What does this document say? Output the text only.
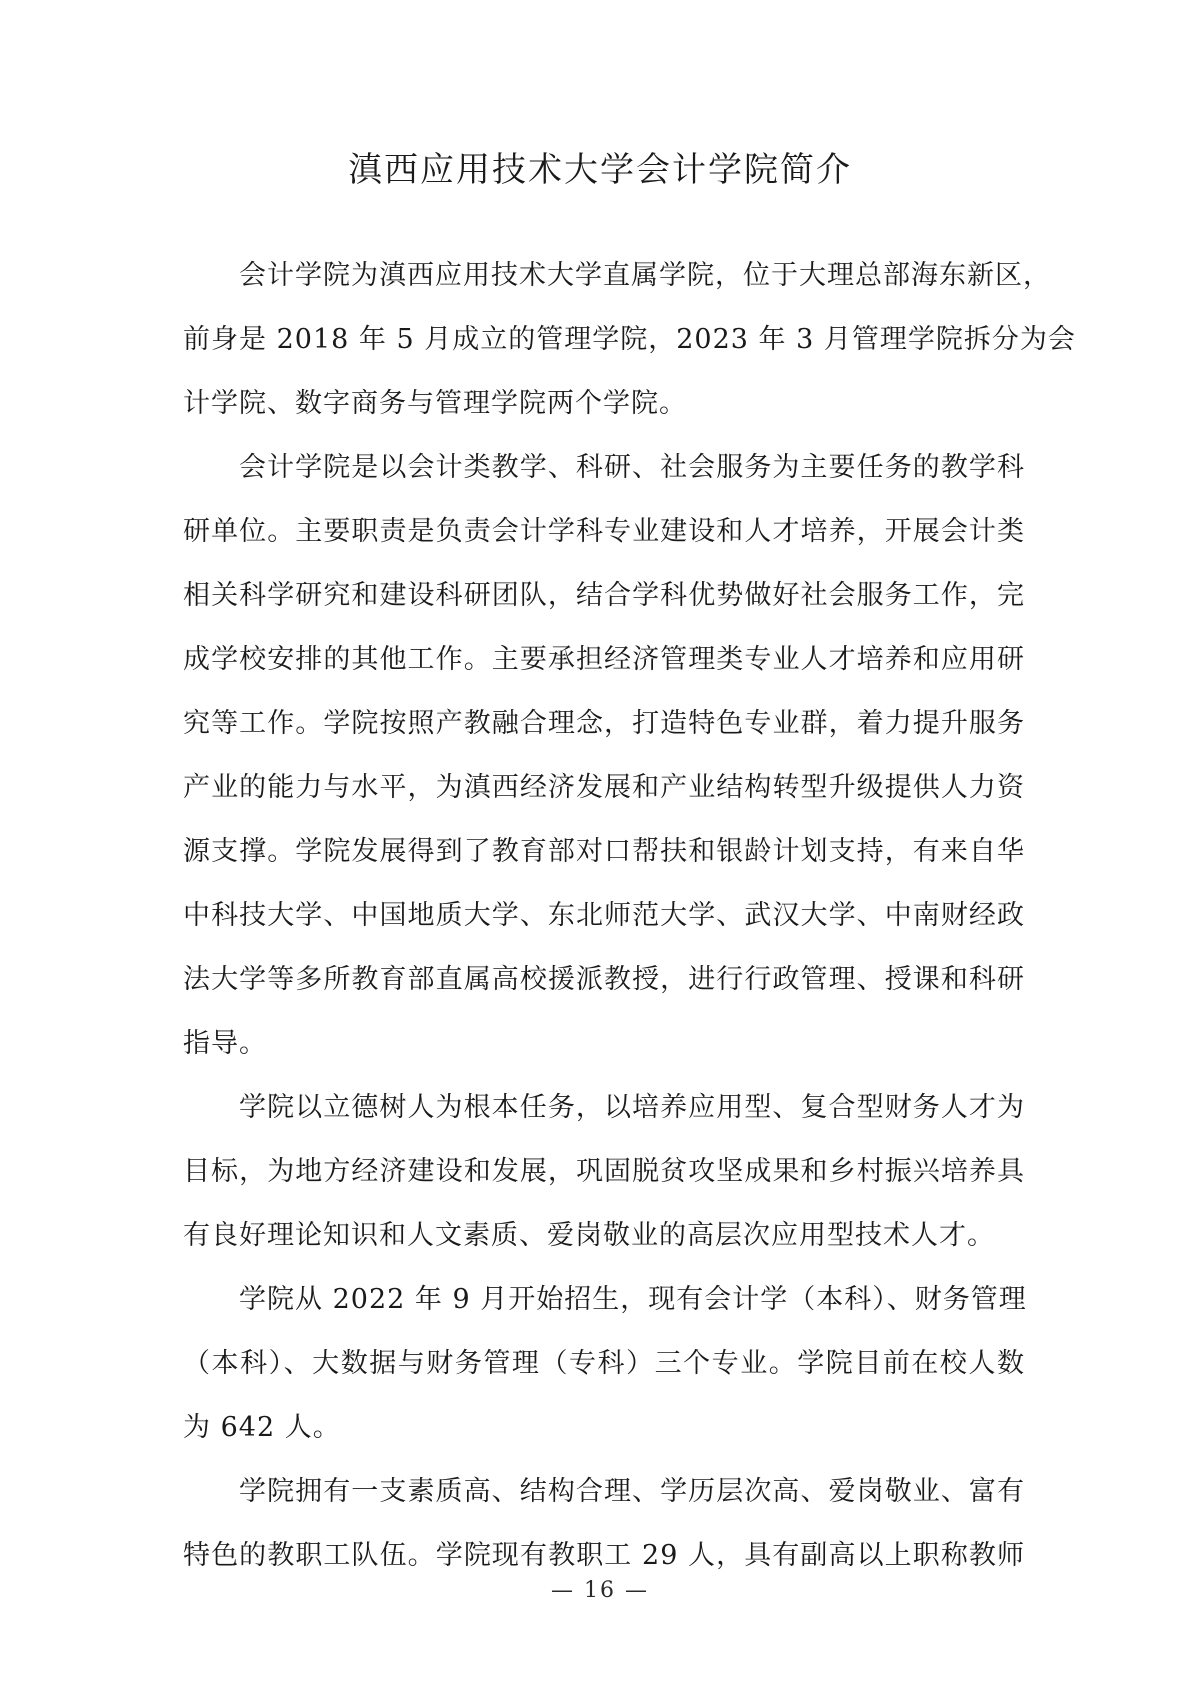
滇西应用技术大学会计学院简介
会计学院为滇西应用技术大学直属学院，位于大理总部海东新区，
前身是 2018 年 5 月成立的管理学院，2023 年 3 月管理学院拆分为会
计学院、数字商务与管理学院两个学院。
会计学院是以会计类教学、科研、社会服务为主要任务的教学科
研单位。主要职责是负责会计学科专业建设和人才培养，开展会计类
相关科学研究和建设科研团队，结合学科优势做好社会服务工作，完
成学校安排的其他工作。主要承担经济管理类专业人才培养和应用研
究等工作。学院按照产教融合理念，打造特色专业群，着力提升服务
产业的能力与水平，为滇西经济发展和产业结构转型升级提供人力资
源支撑。学院发展得到了教育部对口帮扶和银龄计划支持，有来自华
中科技大学、中国地质大学、东北师范大学、武汉大学、中南财经政
法大学等多所教育部直属高校援派教授，进行行政管理、授课和科研
指导。
学院以立德树人为根本任务，以培养应用型、复合型财务人才为
目标，为地方经济建设和发展，巩固脱贫攻坚成果和乡村振兴培养具
有良好理论知识和人文素质、爱岗敬业的高层次应用型技术人才。
学院从 2022 年 9 月开始招生，现有会计学（本科）、财务管理
（本科）、大数据与财务管理（专科）三个专业。学院目前在校人数
为 642 人。
学院拥有一支素质高、结构合理、学历层次高、爱岗敬业、富有
特色的教职工队伍。学院现有教职工 29 人，具有副高以上职称教师
— 16 —
